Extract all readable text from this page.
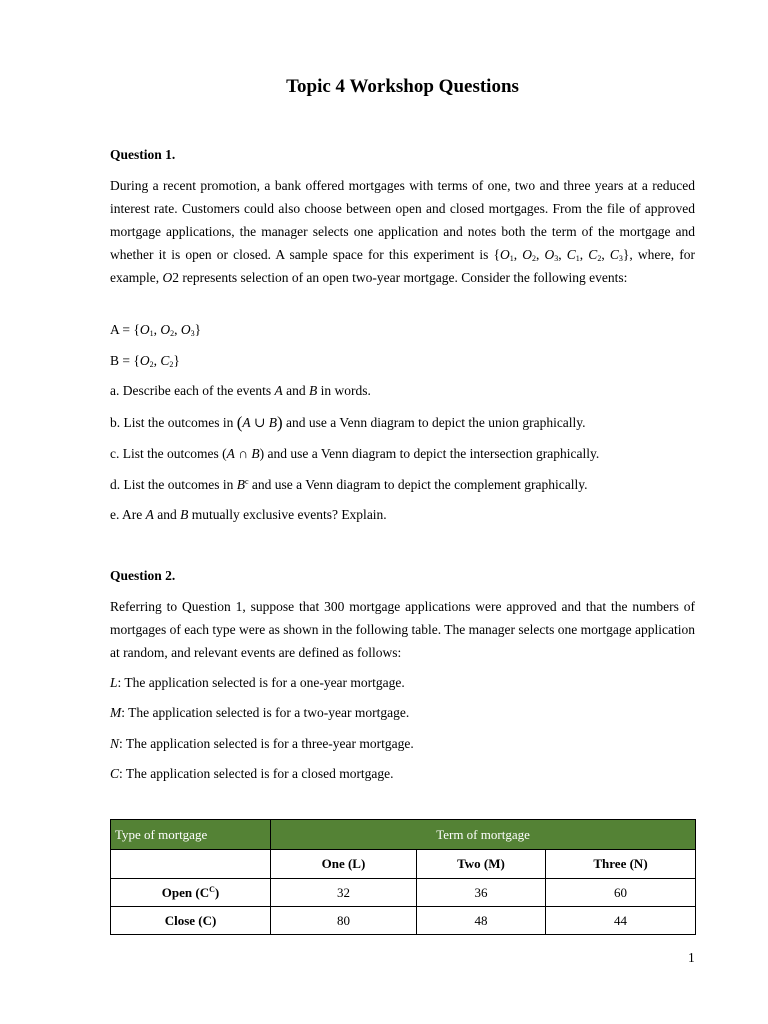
Topic 4 Workshop Questions
Question 1.
During a recent promotion, a bank offered mortgages with terms of one, two and three years at a reduced interest rate. Customers could also choose between open and closed mortgages. From the file of approved mortgage applications, the manager selects one application and notes both the term of the mortgage and whether it is open or closed. A sample space for this experiment is {$O_1$, $O_2$, $O_3$, $C_1$, $C_2$, $C_3$}, where, for example, O2 represents selection of an open two-year mortgage. Consider the following events:
$A = \{O_1$, $O_2$, $O_3$}
$B = \{O_2$, $C_2$}
a. Describe each of the events A and B in words.
b. List the outcomes in (A ∪ B) and use a Venn diagram to depict the union graphically.
c. List the outcomes (A ∩ B) and use a Venn diagram to depict the intersection graphically.
d. List the outcomes in $B^c$ and use a Venn diagram to depict the complement graphically.
e. Are A and B mutually exclusive events? Explain.
Question 2.
Referring to Question 1, suppose that 300 mortgage applications were approved and that the numbers of mortgages of each type were as shown in the following table. The manager selects one mortgage application at random, and relevant events are defined as follows:
L: The application selected is for a one-year mortgage.
M: The application selected is for a two-year mortgage.
N: The application selected is for a three-year mortgage.
C: The application selected is for a closed mortgage.
Type of mortgage	Term of mortgage		
	One (L)	Two (M)	Three (N)
Open $(C^C)$	32	36	60
Close (C)	80	48	44
1
